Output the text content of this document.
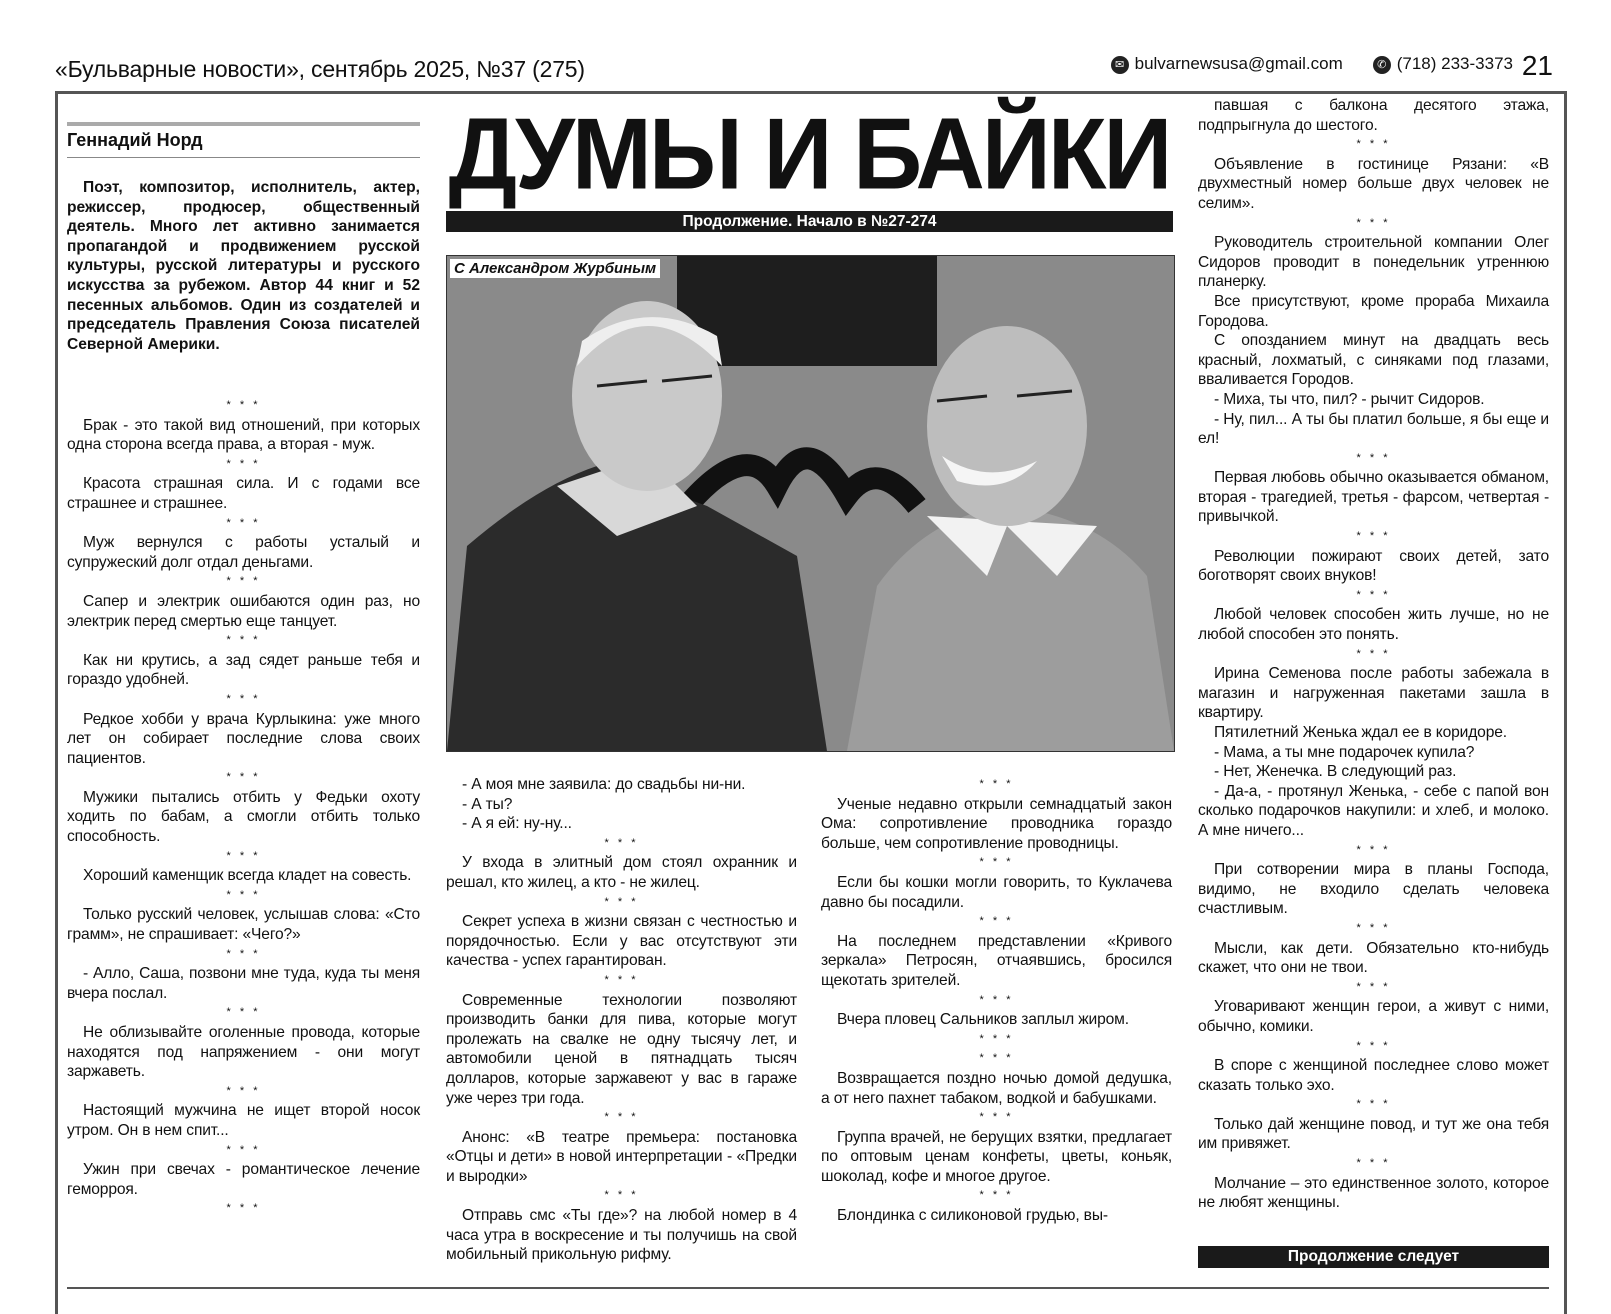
«Бульварные новости», сентябрь 2025, №37 (275)	✉ bulvarnewsusa@gmail.com	✆ (718) 233-3373 21
Геннадий Норд

Поэт, композитор, исполнитель, актер, режиссер, продюсер, общественный деятель. Много лет активно занимается пропагандой и продвижением русской культуры, русской литературы и русского искусства за рубежом. Автор 44 книг и 52 песенных альбомов. Один из создателей и председатель Правления Союза писателей Северной Америки.

* * *

Брак - это такой вид отношений, при которых одна сторона всегда права, а вторая - муж.

* * *

Красота страшная сила. И с годами все страшнее и страшнее.

* * *

Муж вернулся с работы усталый и супружеский долг отдал деньгами.

* * *

Сапер и электрик ошибаются один раз, но электрик перед смертью еще танцует.

* * *

Как ни крутись, а зад сядет раньше тебя и гораздо удобней.

* * *

Редкое хобби у врача Курлыкина: уже много лет он собирает последние слова своих пациентов.

* * *

Мужики пытались отбить у Федьки охоту ходить по бабам, а смогли отбить только способность.

* * *

Хороший каменщик всегда кладет на совесть.

* * *

Только русский человек, услышав слова: «Сто грамм», не спрашивает: «Чего?»

* * *

- Алло, Саша, позвони мне туда, куда ты меня вчера послал.

* * *

Не облизывайте оголенные провода, которые находятся под напряжением - они могут заржаветь.

* * *

Настоящий мужчина не ищет второй носок утром. Он в нем спит...

* * *

Ужин при свечах - романтическое лечение геморроя.

* * *

ДУМЫ И БАЙКИ
Продолжение. Начало в №27-274
С Александром Журбиным

- А моя мне заявила: до свадьбы ни-ни.

- А ты?

- А я ей: ну-ну...

* * *

У входа в элитный дом стоял охранник и решал, кто жилец, а кто - не жилец.

* * *

Секрет успеха в жизни связан с честностью и порядочностью. Если у вас отсутствуют эти качества - успех гарантирован.

* * *

Современные технологии позволяют производить банки для пива, которые могут пролежать на свалке не одну тысячу лет, и автомобили ценой в пятнадцать тысяч долларов, которые заржавеют у вас в гараже уже через три года.

* * *

Анонс: «В театре премьера: постановка «Отцы и дети» в новой интерпретации - «Предки и выродки»

* * *

Отправь смс «Ты где»? на любой номер в 4 часа утра в воскресение и ты получишь на свой мобильный прикольную рифму.

* * *

Ученые недавно открыли семнадцатый закон Ома: сопротивление проводника гораздо больше, чем сопротивление проводницы.

* * *

Если бы кошки могли говорить, то Куклачева давно бы посадили.

* * *

На последнем представлении «Кривого зеркала» Петросян, отчаявшись, бросился щекотать зрителей.

* * *

Вчера пловец Сальников заплыл жиром.

* * *

* * *

Возвращается поздно ночью домой дедушка, а от него пахнет табаком, водкой и бабушками.

* * *

Группа врачей, не берущих взятки, предлагает по оптовым ценам конфеты, цветы, коньяк, шоколад, кофе и многое другое.

* * *

Блондинка с силиконовой грудью, вы-

павшая с балкона десятого этажа, подпрыгнула до шестого.

* * *

Объявление в гостинице Рязани: «В двухместный номер больше двух человек не селим».

* * *

Руководитель строительной компании Олег Сидоров проводит в понедельник утреннюю планерку.

Все присутствуют, кроме прораба Михаила Городова.

С опозданием минут на двадцать весь красный, лохматый, с синяками под глазами, вваливается Городов.

- Миха, ты что, пил? - рычит Сидоров.

- Ну, пил... А ты бы платил больше, я бы еще и ел!

* * *

Первая любовь обычно оказывается обманом, вторая - трагедией, третья - фарсом, четвертая - привычкой.

* * *

Революции пожирают своих детей, зато боготворят своих внуков!

* * *

Любой человек способен жить лучше, но не любой способен это понять.

* * *

Ирина Семенова после работы забежала в магазин и нагруженная пакетами зашла в квартиру.

Пятилетний Женька ждал ее в коридоре.

- Мама, а ты мне подарочек купила?

- Нет, Женечка. В следующий раз.

- Да-а, - протянул Женька, - себе с папой вон сколько подарочков накупили: и хлеб, и молоко. А мне ничего...

* * *

При сотворении мира в планы Господа, видимо, не входило сделать человека счастливым.

* * *

Мысли, как дети. Обязательно кто-нибудь скажет, что они не твои.

* * *

Уговаривают женщин герои, а живут с ними, обычно, комики.

* * *

В споре с женщиной последнее слово может сказать только эхо.

* * *

Только дай женщине повод, и тут же она тебя им привяжет.

* * *

Молчание – это единственное золото, которое не любят женщины.

Продолжение следует
